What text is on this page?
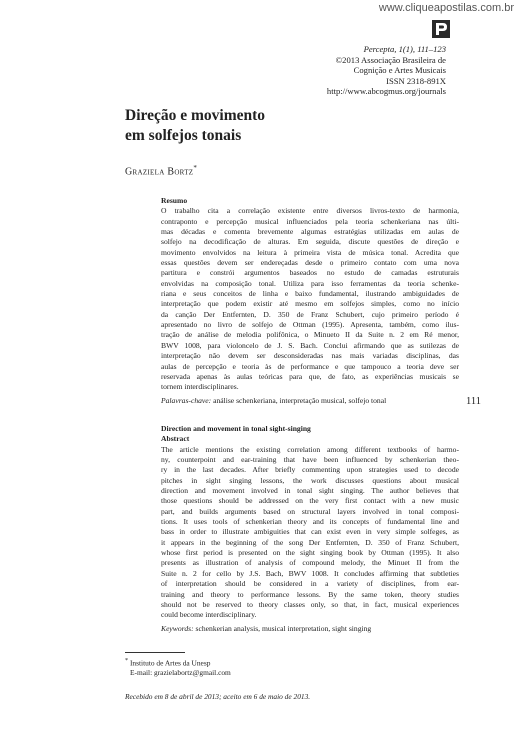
www.cliqueapostilas.com.br
Percepta, 1(1), 111–123
©2013 Associação Brasileira de
Cognição e Artes Musicais
ISSN 2318-891X
http://www.abcogmus.org/journals
Direção e movimento
em solfejos tonais
Graziela Bortz*
111
Resumo
O trabalho cita a correlação existente entre diversos livros-texto de harmonia,
contraponto e percepção musical influenciados pela teoria schenkeriana nas últi-
mas décadas e comenta brevemente algumas estratégias utilizadas em aulas de
solfejo na decodificação de alturas. Em seguida, discute questões de direção e
movimento envolvidos na leitura à primeira vista de música tonal. Acredita que
essas questões devem ser endereçadas desde o primeiro contato com uma nova
partitura e constrói argumentos baseados no estudo de camadas estruturais
envolvidas na composição tonal. Utiliza para isso ferramentas da teoria schenke-
riana e seus conceitos de linha e baixo fundamental, ilustrando ambiguidades de
interpretação que podem existir até mesmo em solfejos simples, como no início
da canção Der Entfernten, D. 350 de Franz Schubert, cujo primeiro período é
apresentado no livro de solfejo de Ottman (1995). Apresenta, também, como ilus-
tração de análise de melodia polifônica, o Minueto II da Suite n. 2 em Ré menor,
BWV 1008, para violoncelo de J. S. Bach. Conclui afirmando que as sutilezas de
interpretação não devem ser desconsideradas nas mais variadas disciplinas, das
aulas de percepção e teoria às de performance e que tampouco a teoria deve ser
reservada apenas às aulas teóricas para que, de fato, as experiências musicais se
tornem interdisciplinares.
Palavras-chave: análise schenkeriana, interpretação musical, solfejo tonal
Direction and movement in tonal sight-singing
Abstract
The article mentions the existing correlation among different textbooks of harmo-
ny, counterpoint and ear-training that have been influenced by schenkerian theo-
ry in the last decades. After briefly commenting upon strategies used to decode
pitches in sight singing lessons, the work discusses questions about musical
direction and movement involved in tonal sight singing. The author believes that
those questions should be addressed on the very first contact with a new music
part, and builds arguments based on structural layers involved in tonal composi-
tions. It uses tools of schenkerian theory and its concepts of fundamental line and
bass in order to illustrate ambiguities that can exist even in very simple solfeges, as
it appears in the beginning of the song Der Entfernten, D. 350 of Franz Schubert,
whose first period is presented on the sight singing book by Ottman (1995). It also
presents as illustration of analysis of compound melody, the Minuet II from the
Suite n. 2 for cello by J.S. Bach, BWV 1008. It concludes affirming that subtleties
of interpretation should be considered in a variety of disciplines, from ear-
training and theory to performance lessons. By the same token, theory studies
should not be reserved to theory classes only, so that, in fact, musical experiences
could become interdisciplinary.
Keywords: schenkerian analysis, musical interpretation, sight singing
* Instituto de Artes da Unesp
E-mail: grazielabortz@gmail.com
Recebido em 8 de abril de 2013; aceito em 6 de maio de 2013.
